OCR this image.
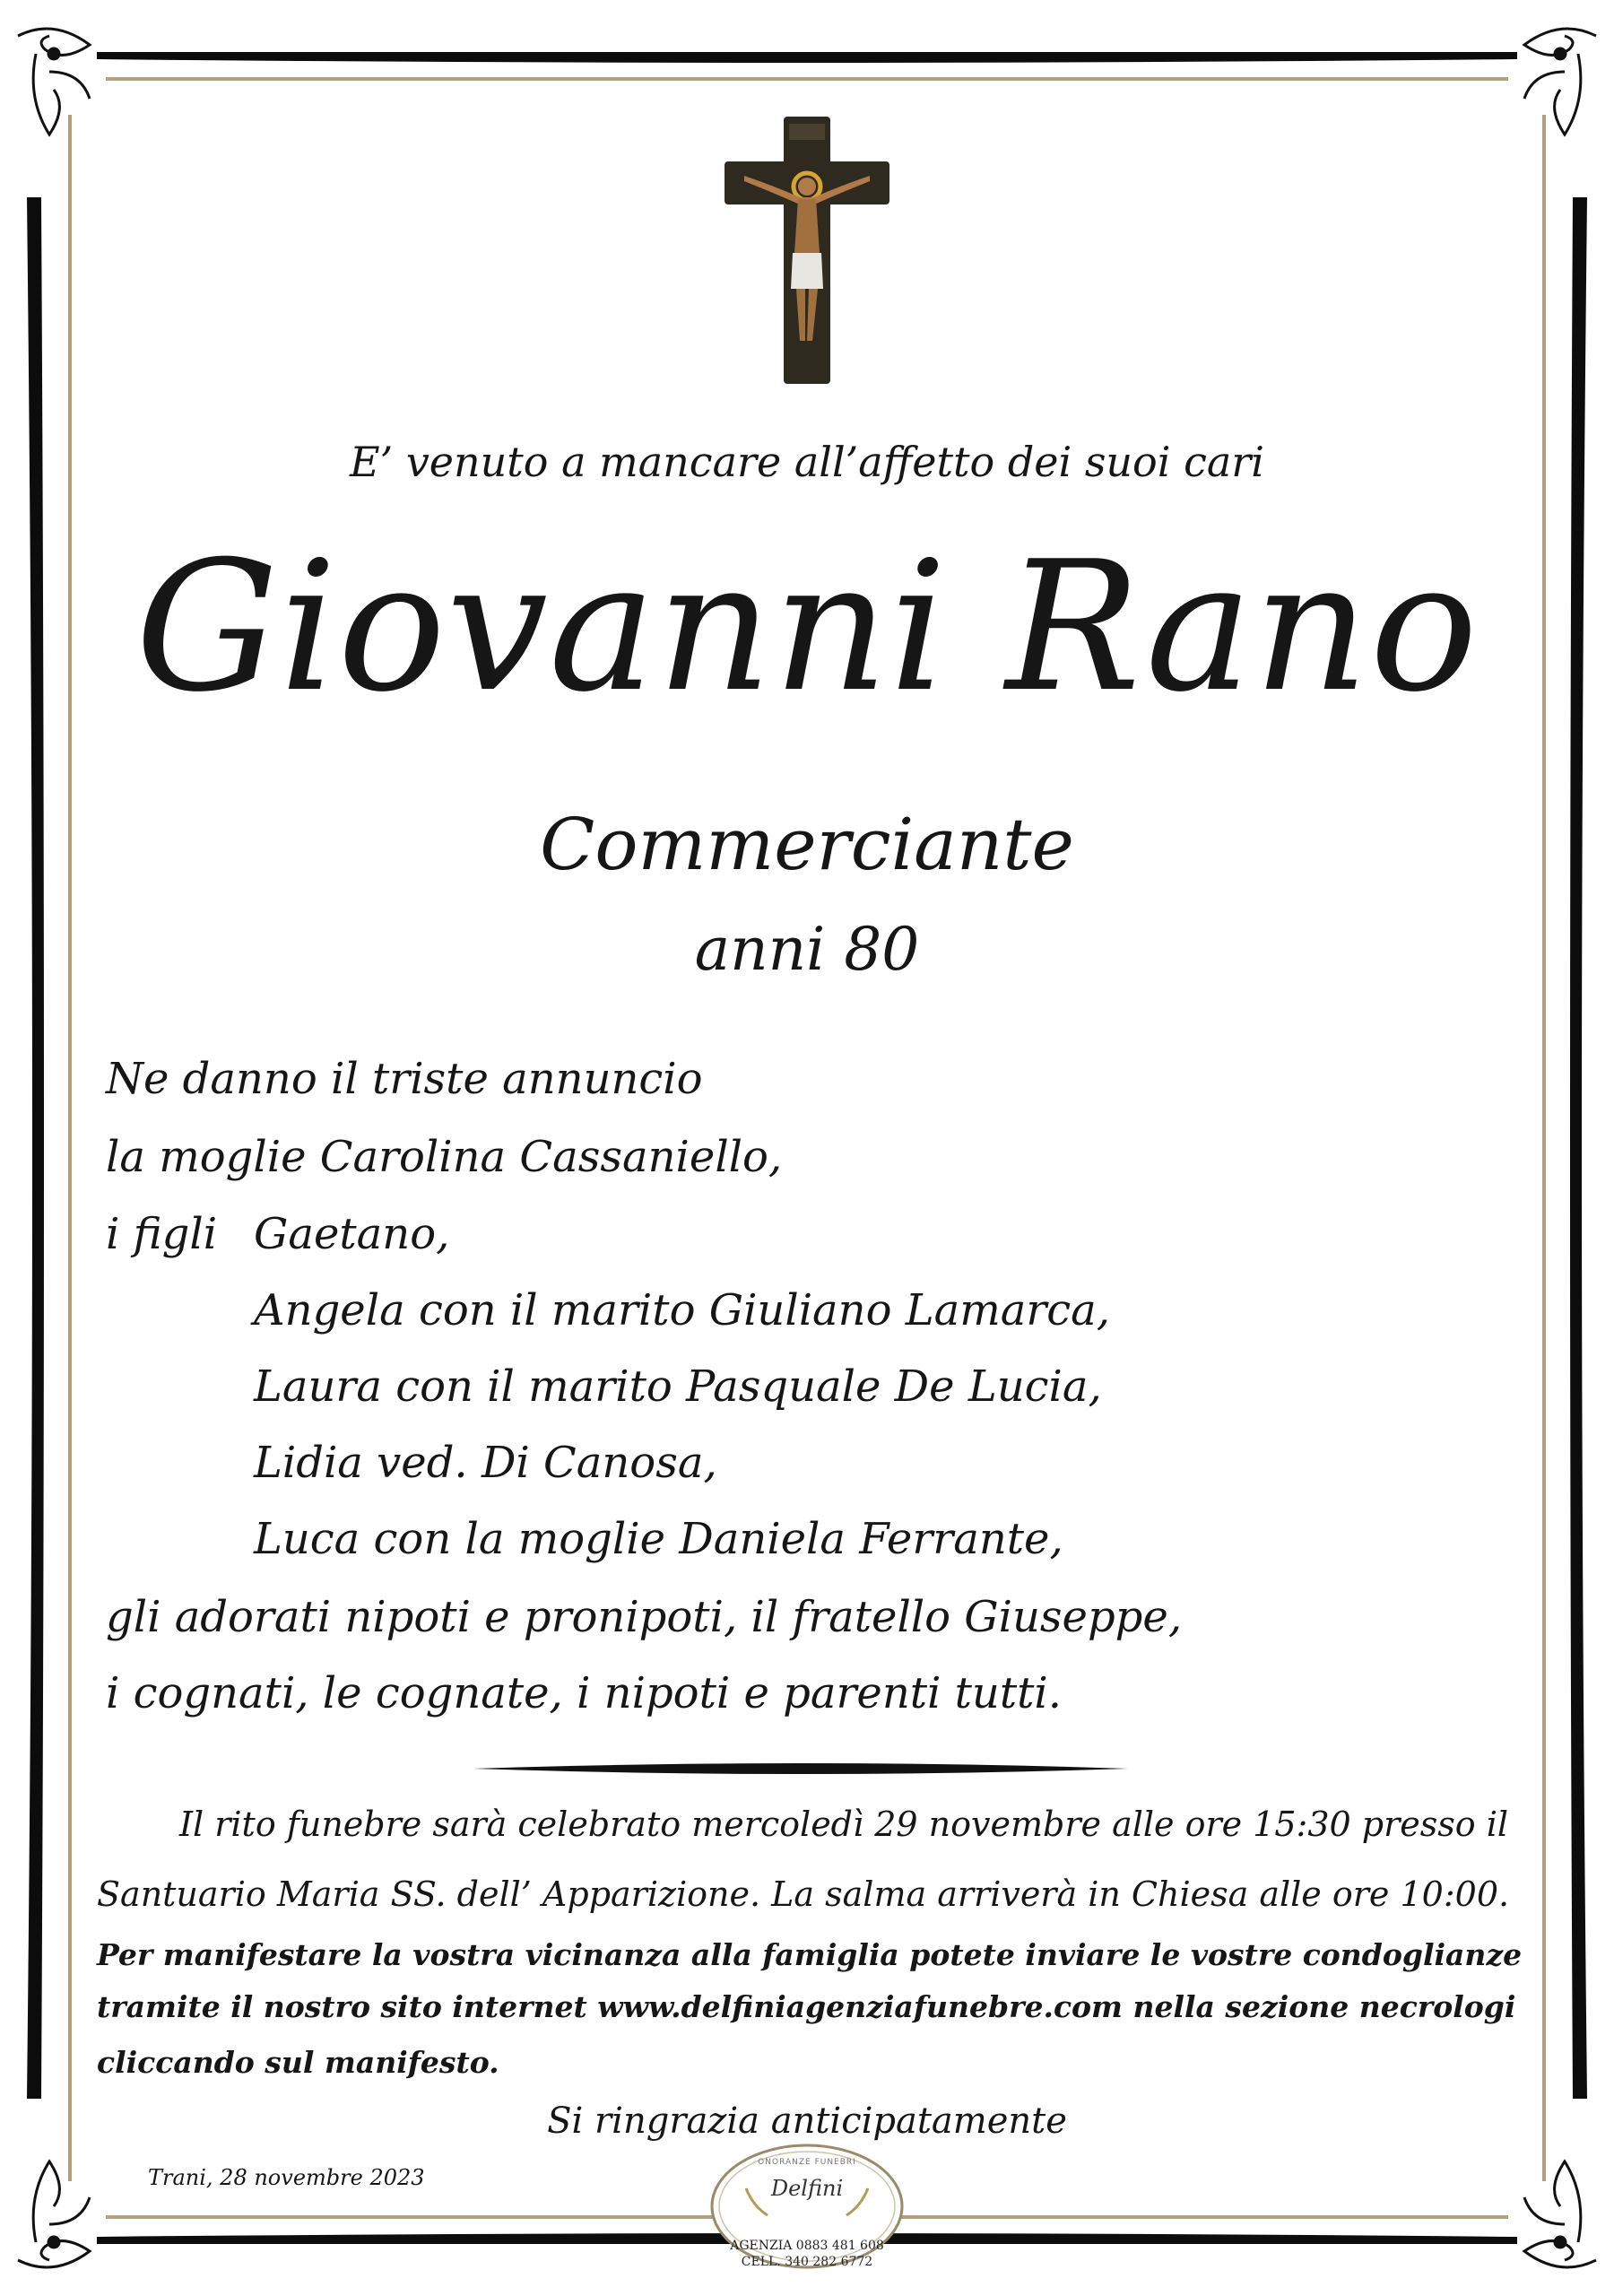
E’ venuto a mancare all’affetto dei suoi cari

Giovanni Rano

Commerciante

anni 80

Ne danno il triste annuncio

la moglie Carolina Cassaniello,

i figli Gaetano,

Angela con il marito Giuliano Lamarca,

Laura con il marito Pasquale De Lucia,

Lidia ved. Di Canosa,

Luca con la moglie Daniela Ferrante,

gli adorati nipoti e pronipoti, il fratello Giuseppe,

i cognati, le cognate, i nipoti e parenti tutti.

Il rito funebre sarà celebrato mercoledì 29 novembre alle ore 15:30 presso il

Santuario Maria SS. dell’ Apparizione. La salma arriverà in Chiesa alle ore 10:00.

Per manifestare la vostra vicinanza alla famiglia potete inviare le vostre condoglianze

tramite il nostro sito internet www.delfiniagenziafunebre.com nella sezione necrologi

cliccando sul manifesto.

Si ringrazia anticipatamente

Trani, 28 novembre 2023

ONORANZE FUNEBRI
Delfini
AGENZIA 0883 481 608
CELL. 340 282 6772
